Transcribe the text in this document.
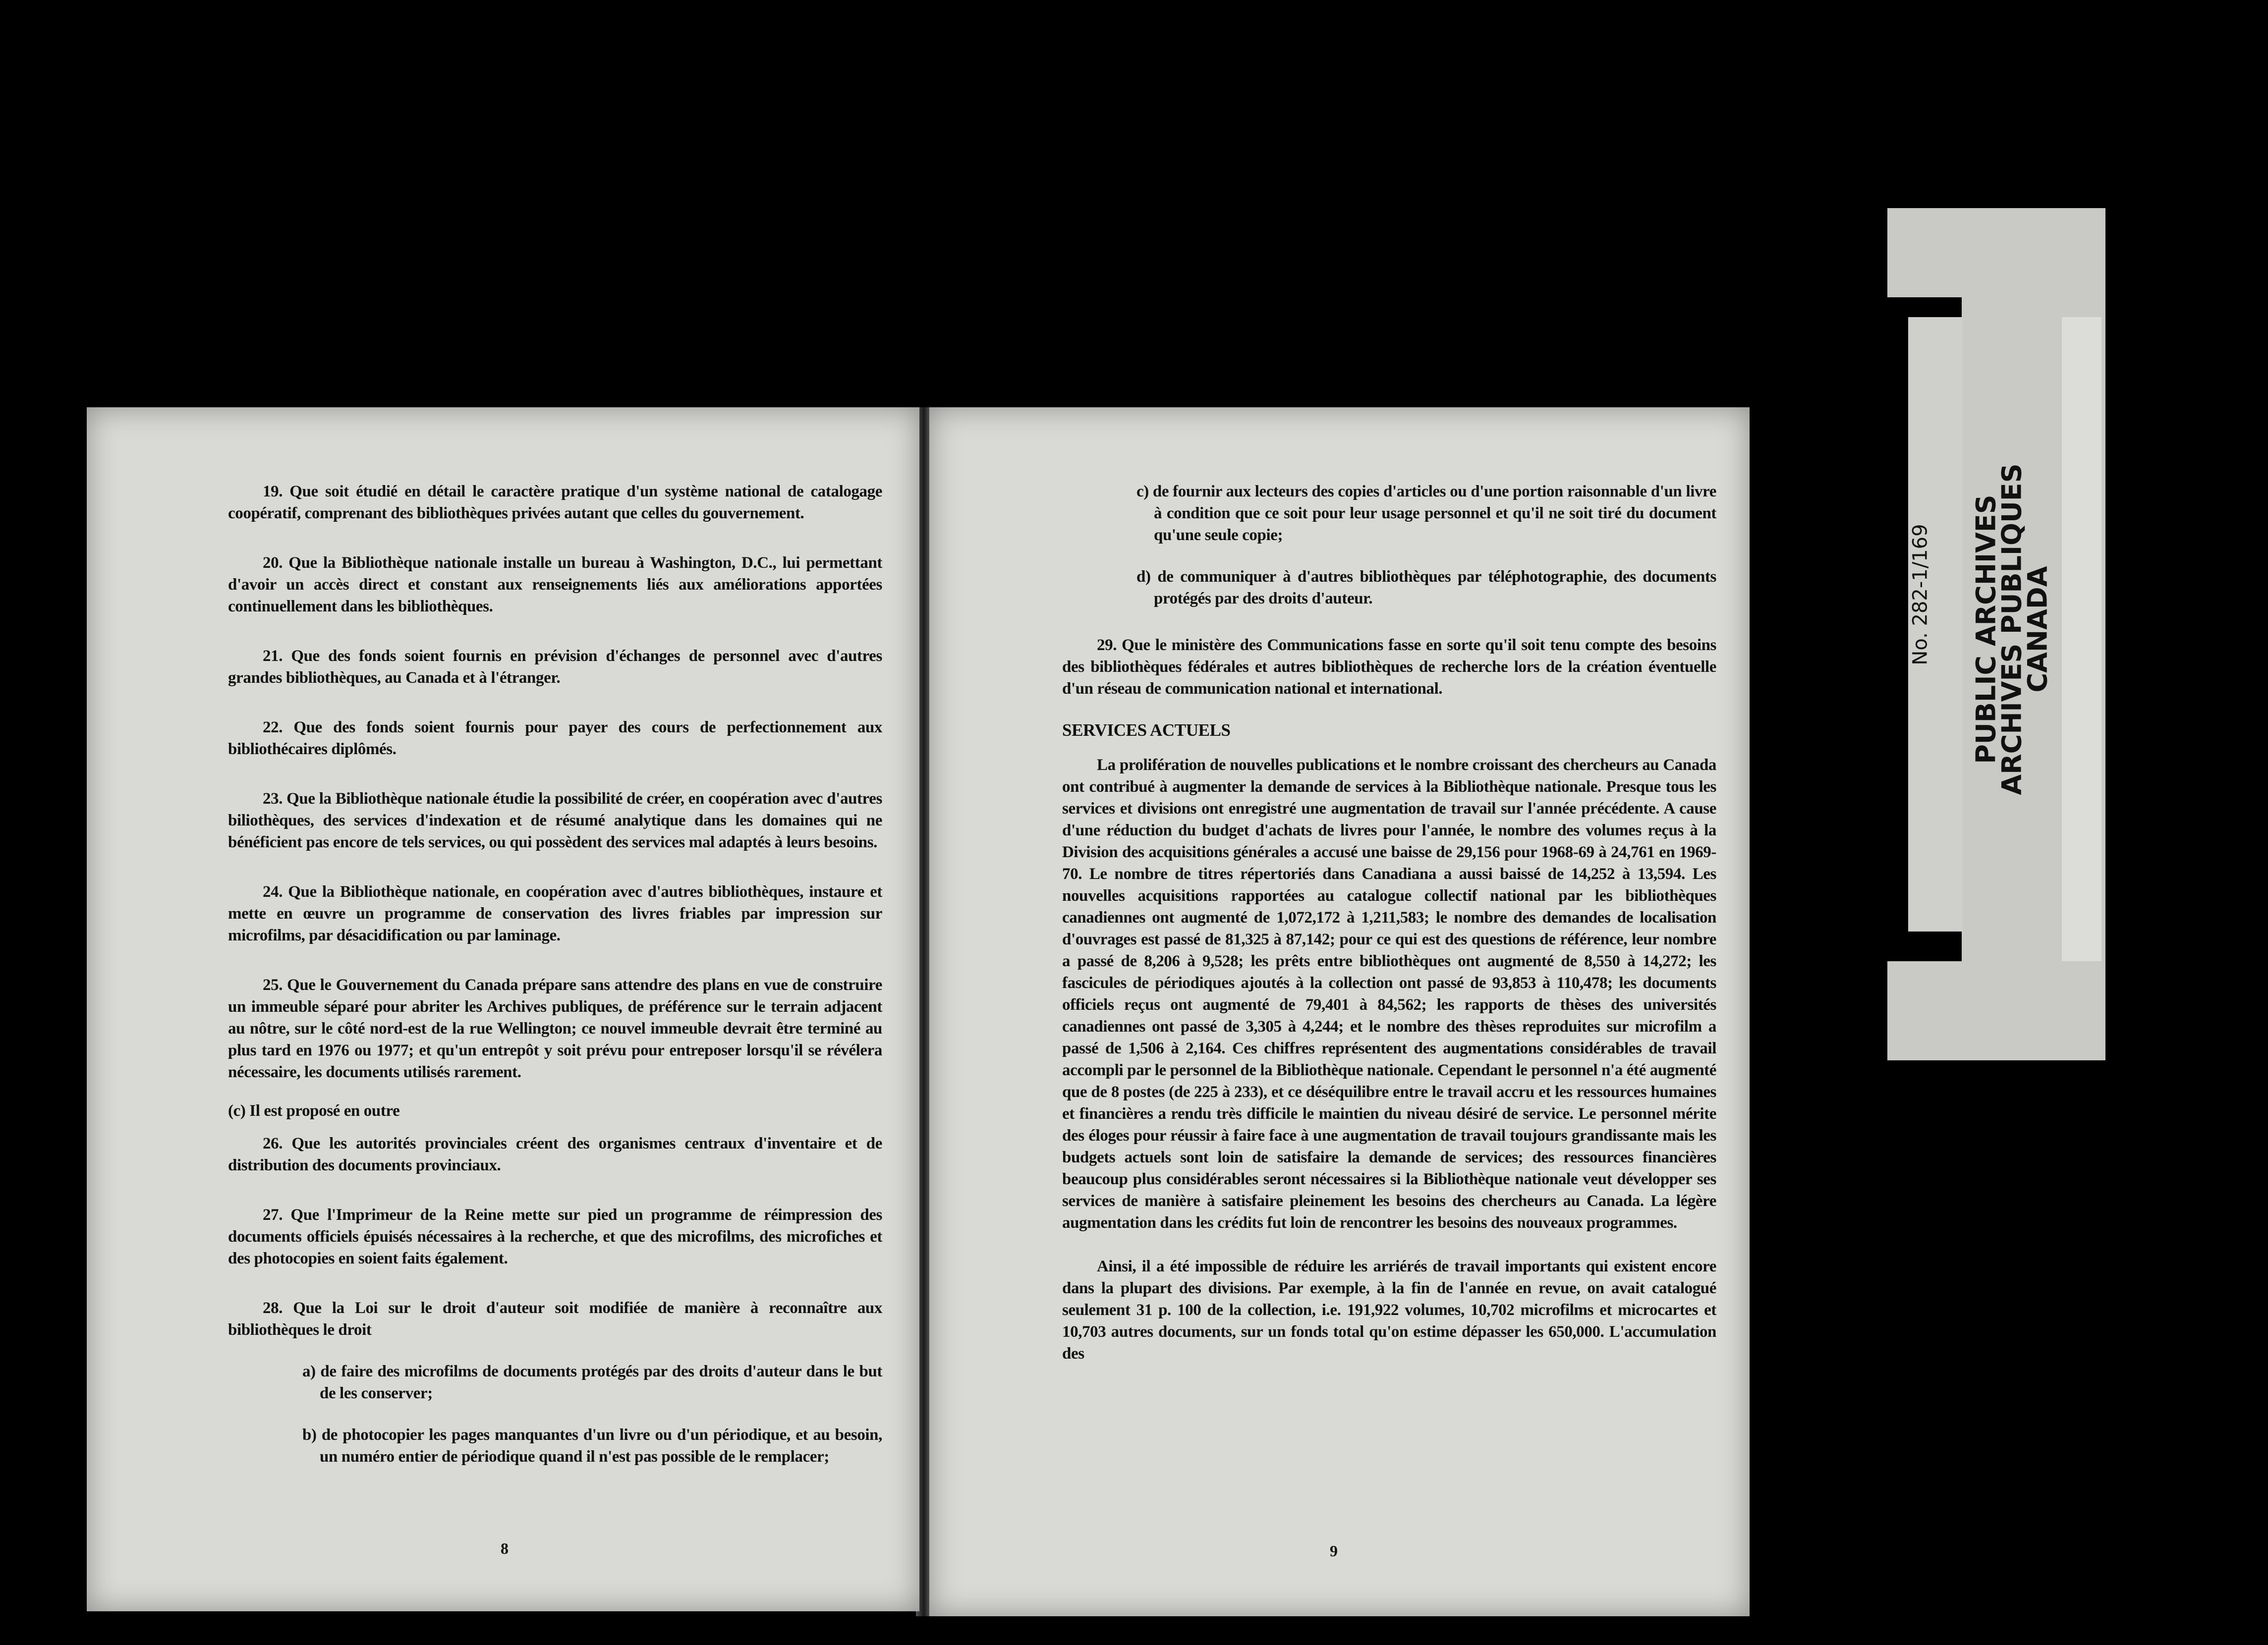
19. Que soit étudié en détail le caractère pratique d'un système national de catalogage coopératif, comprenant des bibliothèques privées autant que celles du gouvernement.

20. Que la Bibliothèque nationale installe un bureau à Washington, D.C., lui permettant d'avoir un accès direct et constant aux renseignements liés aux améliorations apportées continuellement dans les bibliothèques.

21. Que des fonds soient fournis en prévision d'échanges de personnel avec d'autres grandes bibliothèques, au Canada et à l'étranger.

22. Que des fonds soient fournis pour payer des cours de perfectionnement aux bibliothécaires diplômés.

23. Que la Bibliothèque nationale étudie la possibilité de créer, en coopération avec d'autres biliothèques, des services d'indexation et de résumé analytique dans les domaines qui ne bénéficient pas encore de tels services, ou qui possèdent des services mal adaptés à leurs besoins.

24. Que la Bibliothèque nationale, en coopération avec d'autres bibliothèques, instaure et mette en œuvre un programme de conservation des livres friables par impression sur microfilms, par désacidification ou par laminage.

25. Que le Gouvernement du Canada prépare sans attendre des plans en vue de construire un immeuble séparé pour abriter les Archives publiques, de préférence sur le terrain adjacent au nôtre, sur le côté nord-est de la rue Wellington; ce nouvel immeuble devrait être terminé au plus tard en 1976 ou 1977; et qu'un entrepôt y soit prévu pour entreposer lorsqu'il se révélera nécessaire, les documents utilisés rarement.

(c) Il est proposé en outre

26. Que les autorités provinciales créent des organismes centraux d'inventaire et de distribution des documents provinciaux.

27. Que l'Imprimeur de la Reine mette sur pied un programme de réimpression des documents officiels épuisés nécessaires à la recherche, et que des microfilms, des microfiches et des photocopies en soient faits également.

28. Que la Loi sur le droit d'auteur soit modifiée de manière à reconnaître aux bibliothèques le droit

a) de faire des microfilms de documents protégés par des droits d'auteur dans le but de les conserver;

b) de photocopier les pages manquantes d'un livre ou d'un périodique, et au besoin, un numéro entier de périodique quand il n'est pas possible de le remplacer;

8

c) de fournir aux lecteurs des copies d'articles ou d'une portion raisonnable d'un livre à condition que ce soit pour leur usage personnel et qu'il ne soit tiré du document qu'une seule copie;

d) de communiquer à d'autres bibliothèques par téléphotographie, des documents protégés par des droits d'auteur.

29. Que le ministère des Communications fasse en sorte qu'il soit tenu compte des besoins des bibliothèques fédérales et autres bibliothèques de recherche lors de la création éventuelle d'un réseau de communication national et international.

SERVICES ACTUELS

La prolifération de nouvelles publications et le nombre croissant des chercheurs au Canada ont contribué à augmenter la demande de services à la Bibliothèque nationale. Presque tous les services et divisions ont enregistré une augmentation de travail sur l'année précédente. A cause d'une réduction du budget d'achats de livres pour l'année, le nombre des volumes reçus à la Division des acquisitions générales a accusé une baisse de 29,156 pour 1968-69 à 24,761 en 1969-70. Le nombre de titres répertoriés dans Canadiana a aussi baissé de 14,252 à 13,594. Les nouvelles acquisitions rapportées au catalogue collectif national par les bibliothèques canadiennes ont augmenté de 1,072,172 à 1,211,583; le nombre des demandes de localisation d'ouvrages est passé de 81,325 à 87,142; pour ce qui est des questions de référence, leur nombre a passé de 8,206 à 9,528; les prêts entre bibliothèques ont augmenté de 8,550 à 14,272; les fascicules de périodiques ajoutés à la collection ont passé de 93,853 à 110,478; les documents officiels reçus ont augmenté de 79,401 à 84,562; les rapports de thèses des universités canadiennes ont passé de 3,305 à 4,244; et le nombre des thèses reproduites sur microfilm a passé de 1,506 à 2,164. Ces chiffres représentent des augmentations considérables de travail accompli par le personnel de la Bibliothèque nationale. Cependant le personnel n'a été augmenté que de 8 postes (de 225 à 233), et ce déséquilibre entre le travail accru et les ressources humaines et financières a rendu très difficile le maintien du niveau désiré de service. Le personnel mérite des éloges pour réussir à faire face à une augmentation de travail toujours grandissante mais les budgets actuels sont loin de satisfaire la demande de services; des ressources financières beaucoup plus considérables seront nécessaires si la Bibliothèque nationale veut développer ses services de manière à satisfaire pleinement les besoins des chercheurs au Canada. La légère augmentation dans les crédits fut loin de rencontrer les besoins des nouveaux programmes.

Ainsi, il a été impossible de réduire les arriérés de travail importants qui existent encore dans la plupart des divisions. Par exemple, à la fin de l'année en revue, on avait catalogué seulement 31 p. 100 de la collection, i.e. 191,922 volumes, 10,702 microfilms et microcartes et 10,703 autres documents, sur un fonds total qu'on estime dépasser les 650,000. L'accumulation des

9
No. 282-1/169 PUBLIC ARCHIVES
ARCHIVES PUBLIQUES
CANADA
